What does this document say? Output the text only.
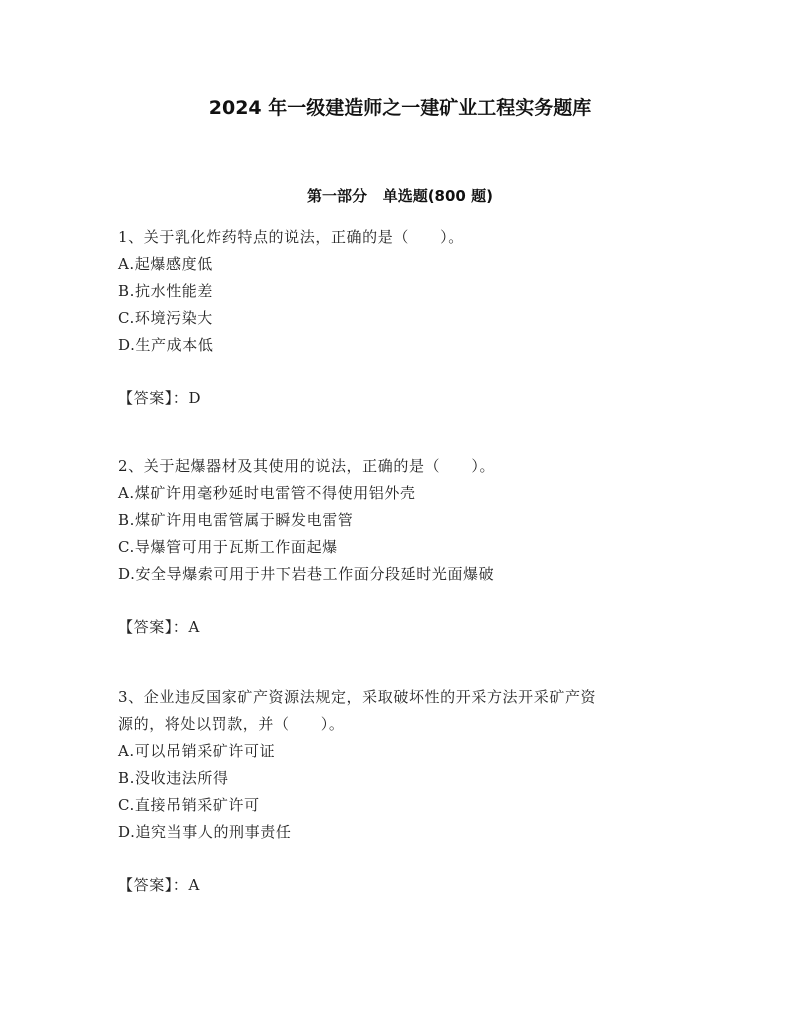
2024 年一级建造师之一建矿业工程实务题库
第一部分   单选题(800 题)
1、关于乳化炸药特点的说法，正确的是（　　）。
A.起爆感度低
B.抗水性能差
C.环境污染大
D.生产成本低
【答案】：D
2、关于起爆器材及其使用的说法，正确的是（　　）。
A.煤矿许用毫秒延时电雷管不得使用铝外壳
B.煤矿许用电雷管属于瞬发电雷管
C.导爆管可用于瓦斯工作面起爆
D.安全导爆索可用于井下岩巷工作面分段延时光面爆破
【答案】：A
3、企业违反国家矿产资源法规定，采取破坏性的开采方法开采矿产资
源的，将处以罚款，并（　　）。
A.可以吊销采矿许可证
B.没收违法所得
C.直接吊销采矿许可
D.追究当事人的刑事责任
【答案】：A
